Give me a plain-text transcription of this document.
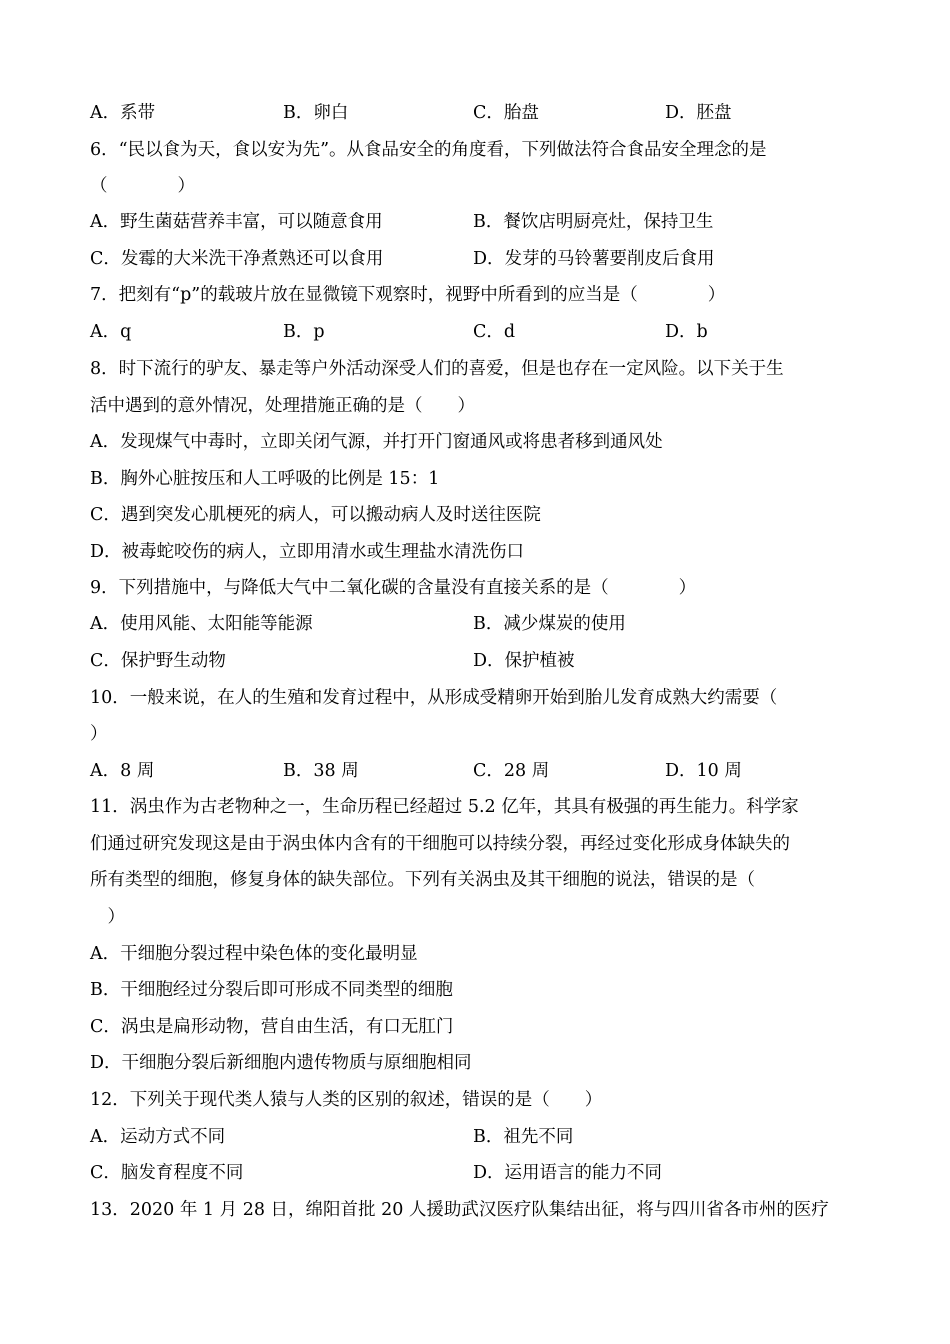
A．系带	B．卵白	C．胎盘	D．胚盘
6．“民以食为天，食以安为先”。从食品安全的角度看，下列做法符合食品安全理念的是
（　　　　）
A．野生菌菇营养丰富，可以随意食用	B．餐饮店明厨亮灶，保持卫生
C．发霉的大米洗干净煮熟还可以食用	D．发芽的马铃薯要削皮后食用
7．把刻有“p”的载玻片放在显微镜下观察时，视野中所看到的应当是（　　　　）
A．q	B．p	C．d	D．b
8．时下流行的驴友、暴走等户外活动深受人们的喜爱，但是也存在一定风险。以下关于生
活中遇到的意外情况，处理措施正确的是（　　）
A．发现煤气中毒时，立即关闭气源，并打开门窗通风或将患者移到通风处
B．胸外心脏按压和人工呼吸的比例是 15：1
C．遇到突发心肌梗死的病人，可以搬动病人及时送往医院
D．被毒蛇咬伤的病人，立即用清水或生理盐水清洗伤口
9．下列措施中，与降低大气中二氧化碳的含量没有直接关系的是（　　　　）
A．使用风能、太阳能等能源	B．减少煤炭的使用
C．保护野生动物	D．保护植被
10．一般来说，在人的生殖和发育过程中，从形成受精卵开始到胎儿发育成熟大约需要（
）
A．8 周	B．38 周	C．28 周	D．10 周
11．涡虫作为古老物种之一，生命历程已经超过 5.2 亿年，其具有极强的再生能力。科学家
们通过研究发现这是由于涡虫体内含有的干细胞可以持续分裂，再经过变化形成身体缺失的
所有类型的细胞，修复身体的缺失部位。下列有关涡虫及其干细胞的说法，错误的是（
　）
A．干细胞分裂过程中染色体的变化最明显
B．干细胞经过分裂后即可形成不同类型的细胞
C．涡虫是扁形动物，营自由生活，有口无肛门
D．干细胞分裂后新细胞内遗传物质与原细胞相同
12．下列关于现代类人猿与人类的区别的叙述，错误的是（　　）
A．运动方式不同	B．祖先不同
C．脑发育程度不同	D．运用语言的能力不同
13．2020 年 1 月 28 日，绵阳首批 20 人援助武汉医疗队集结出征，将与四川省各市州的医疗
